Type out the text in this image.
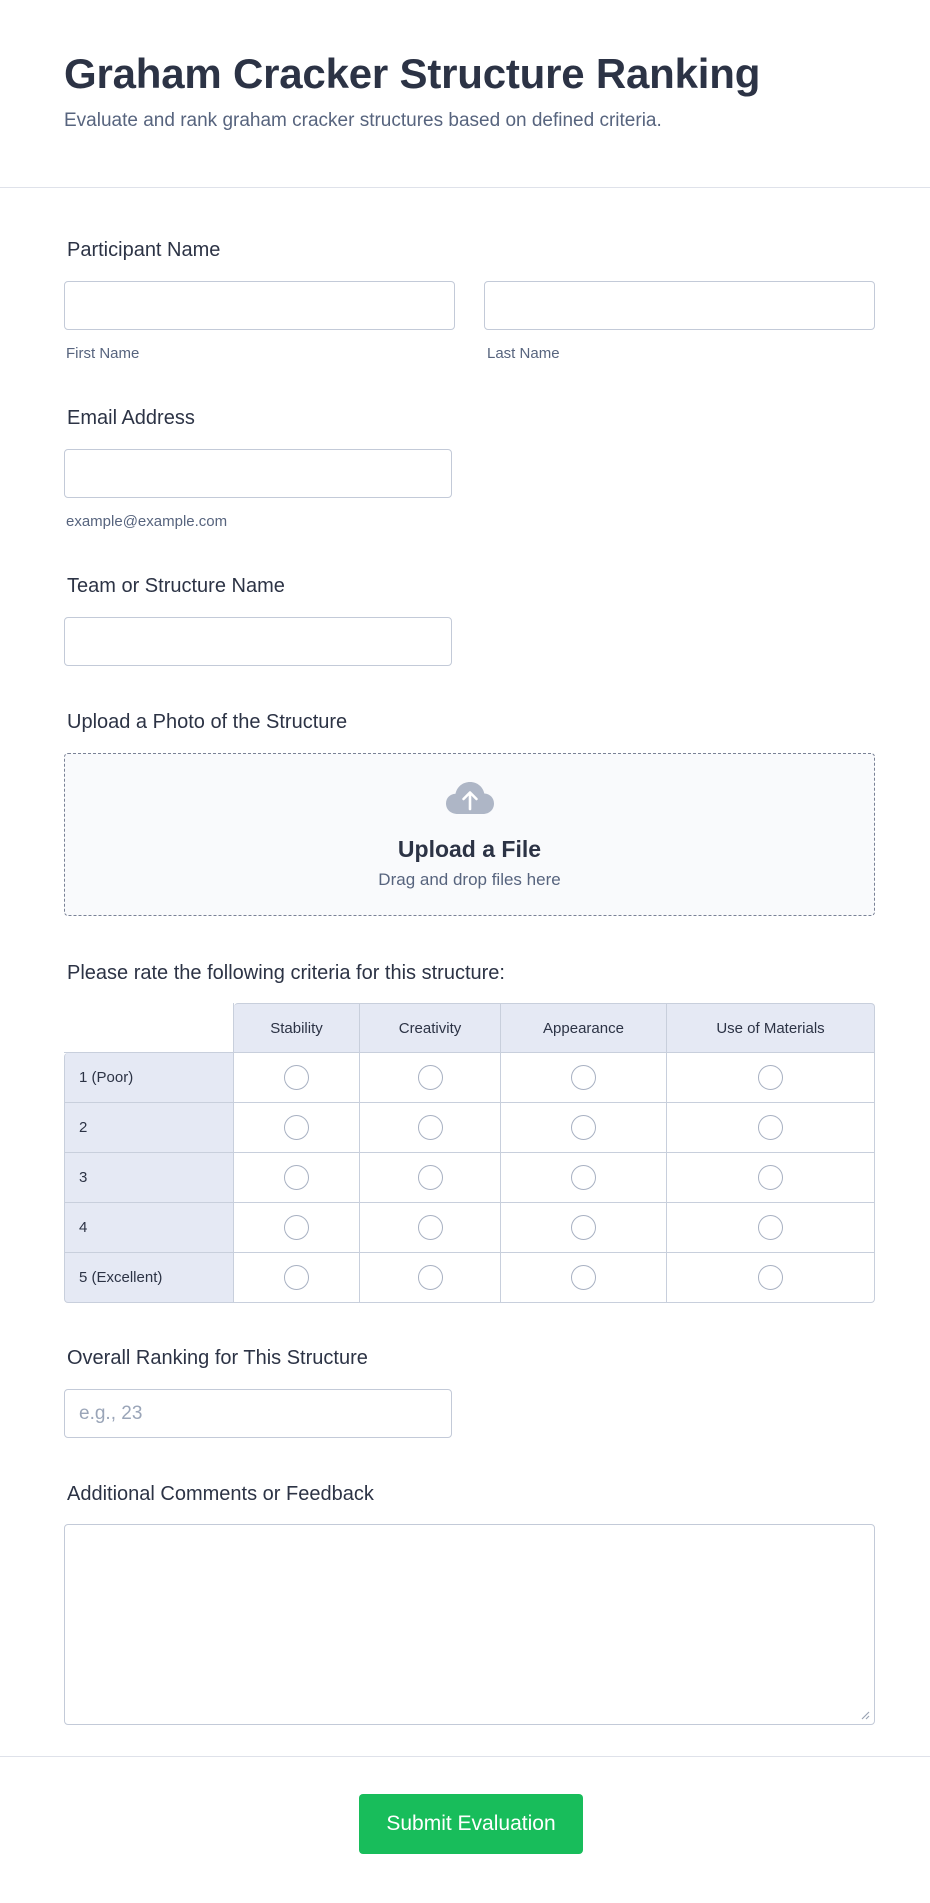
Graham Cracker Structure Ranking
Evaluate and rank graham cracker structures based on defined criteria.
Participant Name
First Name	Last Name
Email Address
example@example.com
Team or Structure Name
Upload a Photo of the Structure
Upload a File
Drag and drop files here
Please rate the following criteria for this structure:
	Stability	Creativity	Appearance	Use of Materials
1 (Poor)				
2				
3				
4				
5 (Excellent)				
Overall Ranking for This Structure
e.g., 23
Additional Comments or Feedback
Submit Evaluation
